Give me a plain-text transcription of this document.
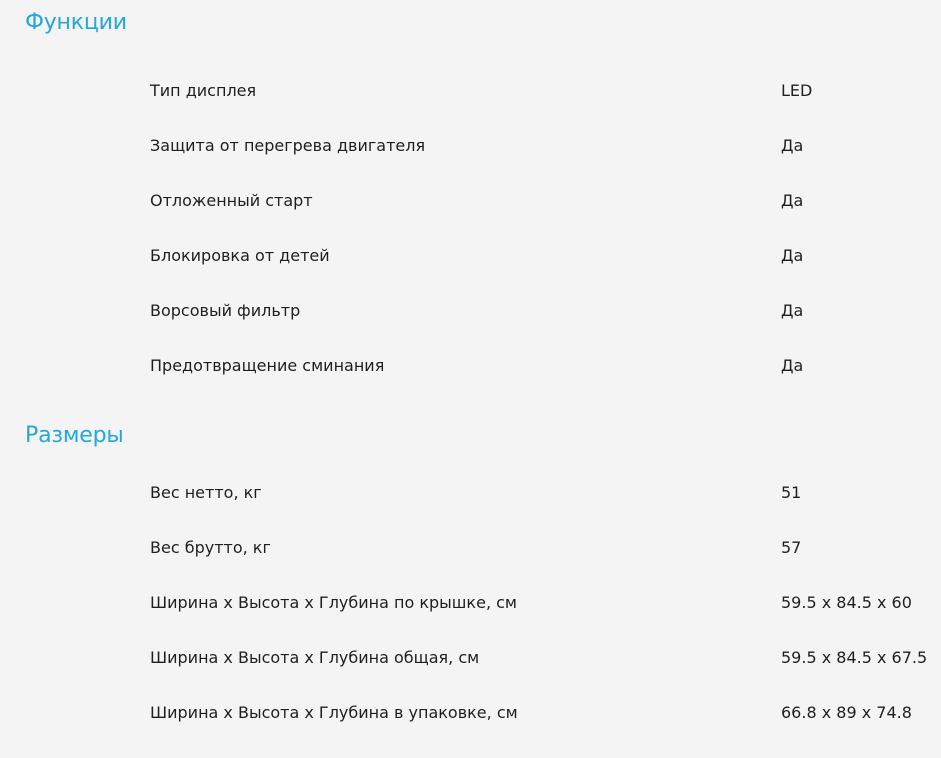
Функции
Тип дисплея	LED
Защита от перегрева двигателя	Да
Отложенный старт	Да
Блокировка от детей	Да
Ворсовый фильтр	Да
Предотвращение сминания	Да
Размеры
Вес нетто, кг	51
Вес брутто, кг	57
Ширина х Высота х Глубина по крышке, см	59.5 x 84.5 x 60
Ширина х Высота х Глубина общая, см	59.5 x 84.5 x 67.5
Ширина х Высота х Глубина в упаковке, см	66.8 x 89 x 74.8
